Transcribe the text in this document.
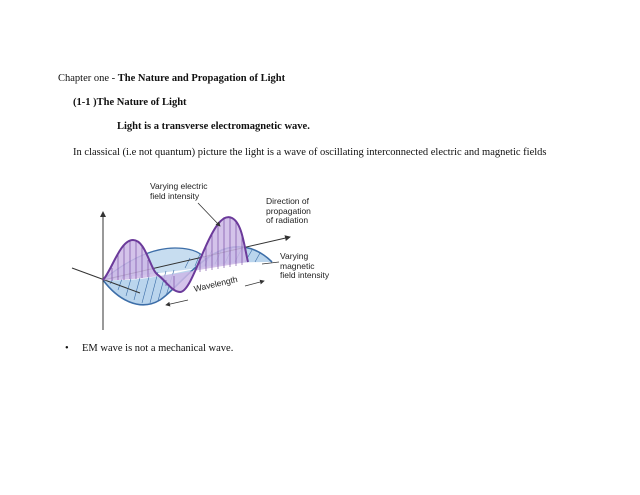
Chapter one - The Nature and Propagation of Light
(1-1 )The Nature of Light
Light is a transverse electromagnetic wave.
In classical (i.e not quantum) picture the light is a wave of oscillating interconnected electric and magnetic fields
Varying electric
field intensity
Direction of
propagation
of radiation
Varying
magnetic
field intensity
Wavelength
• EM wave is not a mechanical wave.
